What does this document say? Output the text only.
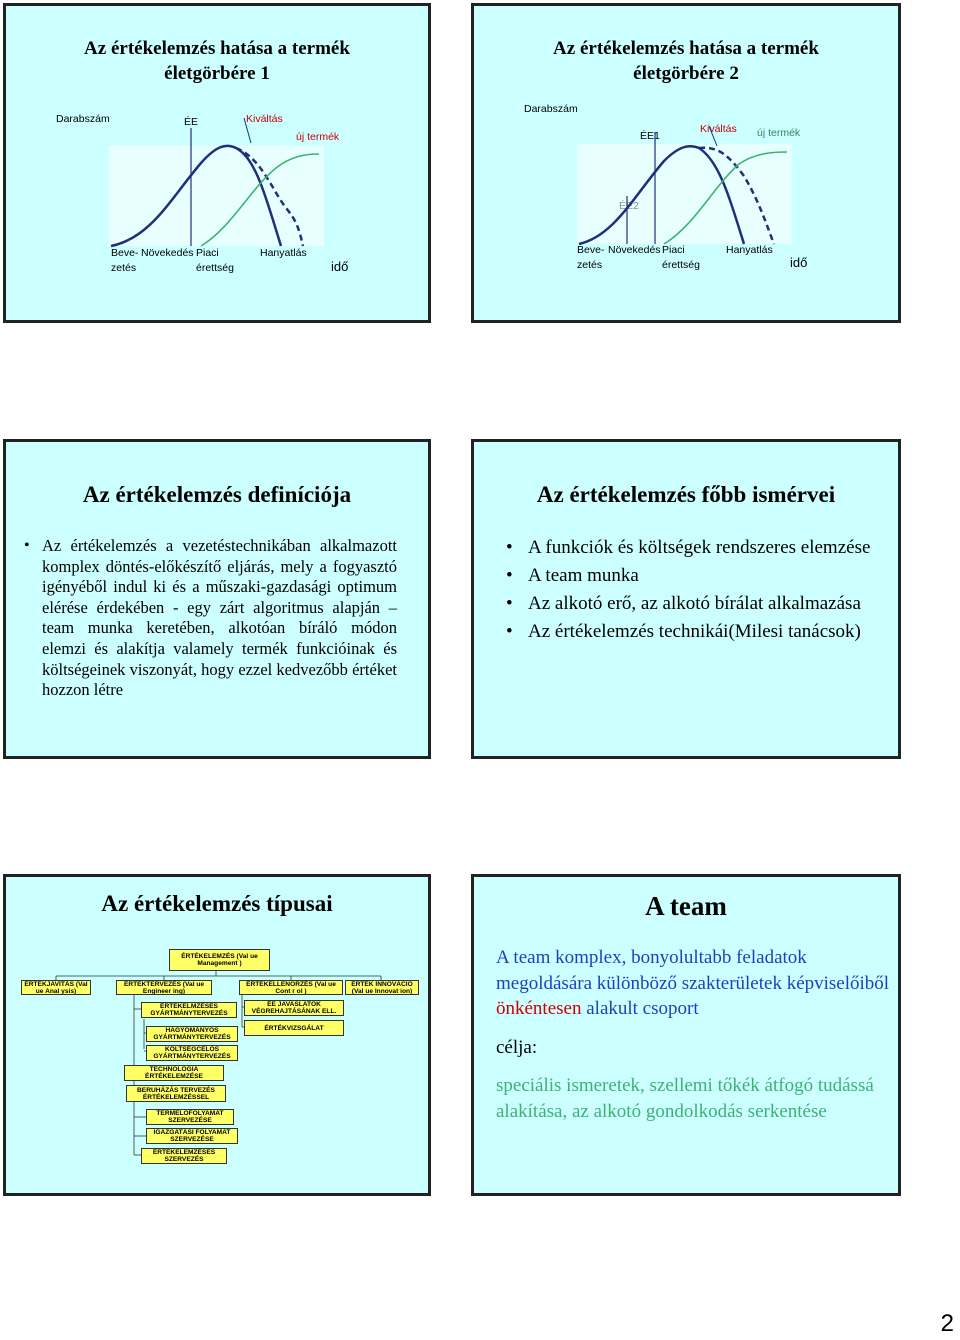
Az értékelemzés hatása a termék
életgörbére 1
Darabszám	ÉE	Kiváltás
új termék
Beve-
zetés
Növekedés Piaci
érettség
Hanyatlás
idő
Az értékelemzés hatása a termék
életgörbére 2
Darabszám
ÉE1
Kiváltás új termék
Beve-
zetés
Növekedés Piaci
érettség
Hanyatlás
idő
Az értékelemzés definíciója
• Az értékelemzés a vezetéstechnikában alkalmazott komplex döntés-előkészítő eljárás, mely a fogyasztó igényéből indul ki és a műszaki-gazdasági optimum elérése érdekében - egy zárt algoritmus alapján – team munka keretében, alkotóan bíráló módon elemzi és alakítja valamely termék funkcióinak és költségeinek viszonyát, hogy ezzel kedvezőbb értéket hozzon létre
Az értékelemzés főbb ismérvei
• A funkciók és költségek rendszeres elemzése
• A team munka
• Az alkotó erő, az alkotó bírálat alkalmazása
• Az értékelemzés technikái(Milesi tanácsok)
Az értékelemzés típusai
ÉRTÉKELEMZÉS (Val ue Management )
ÉRTÉKJAVÍTÁS (Val ue Anal ysis)
ÉRTÉKTERVEZÉS (Val ue Engineer ing)
ÉRTÉKELLENŐRZÉS (Val ue Cont r ol )
ÉRTÉK INNOVÁCIÓ (Val ue Innovat ion)
ÉRTÉKELMZÉSES GYÁRTMÁNYTERVEZÉS
HAGYOMÁNYOS GYÁRTMÁNYTERVEZÉS
KÖLTSÉGCÉLOS GYÁRTMÁNYTERVEZÉS
TECHNOLÓGIA ÉRTÉKELEMZÉSE
BERUHÁZÁS TERVEZÉS ÉRTÉKELEMZÉSSEL
TERMELŐFOLYAMAT SZERVEZÉSE
IGAZGATÁSI FOLYAMAT SZERVEZÉSE
ÉRTÉKELEMZÉSES SZERVEZÉS
ÉE JAVASLATOK VÉGREHAJTÁSÁNAK ELL.
ÉRTÉKVIZSGÁLAT
A team
A team komplex, bonyolultabb feladatok megoldására különböző szakterületek képviselőiből önkéntesen alakult csoport
célja:
speciális ismeretek, szellemi tőkék átfogó tudássá alakítása, az alkotó gondolkodás serkentése
2
